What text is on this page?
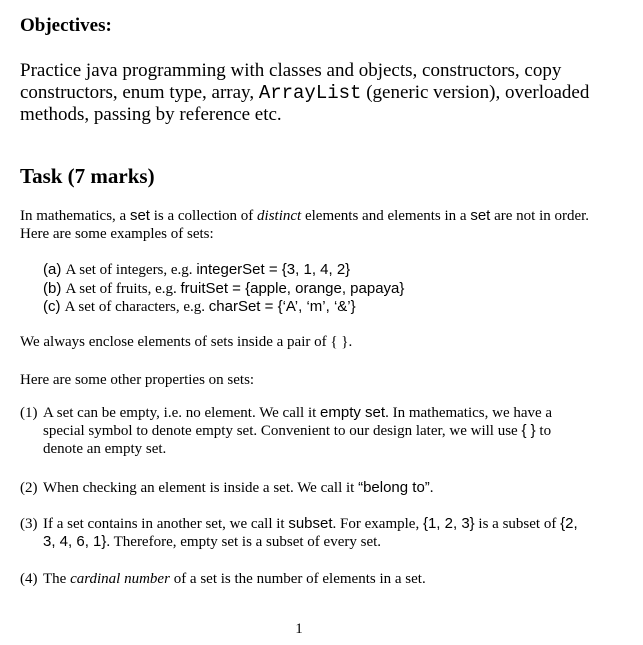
Objectives:

Practice java programming with classes and objects, constructors, copy constructors, enum type, array, ArrayList (generic version), overloaded methods, passing by reference etc.

Task (7 marks)

In mathematics, a set is a collection of distinct elements and elements in a set are not in order. Here are some examples of sets:

(a) A set of integers, e.g. integerSet = {3, 1, 4, 2}
(b) A set of fruits, e.g. fruitSet = {apple, orange, papaya}
(c) A set of characters, e.g. charSet = {‘A’, ‘m’, ‘&’}

We always enclose elements of sets inside a pair of { }.

Here are some other properties on sets:

(1) A set can be empty, i.e. no element. We call it empty set. In mathematics, we have a special symbol to denote empty set. Convenient to our design later, we will use { } to denote an empty set.
(2) When checking an element is inside a set. We call it “belong to”.
(3) If a set contains in another set, we call it subset. For example, {1, 2, 3} is a subset of {2, 3, 4, 6, 1}. Therefore, empty set is a subset of every set.
(4) The cardinal number of a set is the number of elements in a set.
1
